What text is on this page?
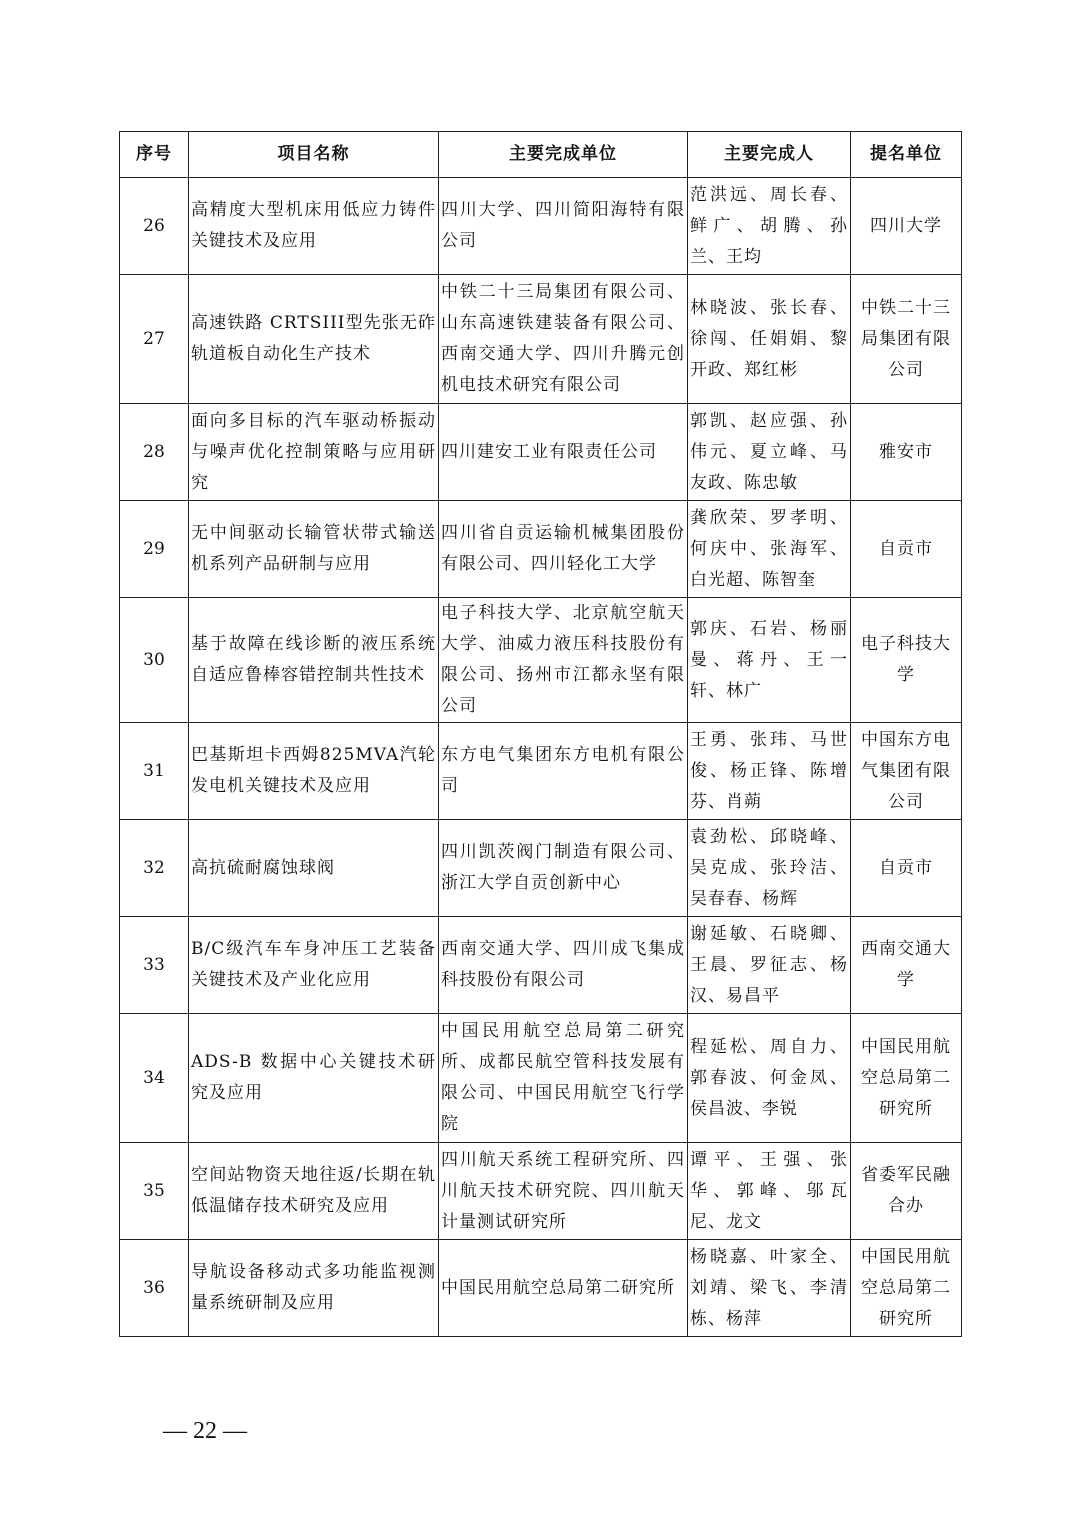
序号	项目名称	主要完成单位	主要完成人	提名单位
26	高精度大型机床用低应力铸件关键技术及应用	四川大学、四川简阳海特有限公司	范洪远、周长春、鲜广、胡腾、孙兰、王均	四川大学
27	高速铁路 CRTSIII型先张无砟轨道板自动化生产技术	中铁二十三局集团有限公司、山东高速铁建装备有限公司、西南交通大学、四川升腾元创机电技术研究有限公司	林晓波、张长春、徐闯、任娟娟、黎开政、郑红彬	中铁二十三局集团有限公司
28	面向多目标的汽车驱动桥振动与噪声优化控制策略与应用研究	四川建安工业有限责任公司	郭凯、赵应强、孙伟元、夏立峰、马友政、陈忠敏	雅安市
29	无中间驱动长输管状带式输送机系列产品研制与应用	四川省自贡运输机械集团股份有限公司、四川轻化工大学	龚欣荣、罗孝明、何庆中、张海军、白光超、陈智奎	自贡市
30	基于故障在线诊断的液压系统自适应鲁棒容错控制共性技术	电子科技大学、北京航空航天大学、油威力液压科技股份有限公司、扬州市江都永坚有限公司	郭庆、石岩、杨丽曼、蒋丹、王一轩、林广	电子科技大学
31	巴基斯坦卡西姆825MVA汽轮发电机关键技术及应用	东方电气集团东方电机有限公司	王勇、张玮、马世俊、杨正锋、陈增芬、肖蒴	中国东方电气集团有限公司
32	高抗硫耐腐蚀球阀	四川凯茨阀门制造有限公司、浙江大学自贡创新中心	袁劲松、邱晓峰、吴克成、张玲洁、吴春春、杨辉	自贡市
33	B/C级汽车车身冲压工艺装备关键技术及产业化应用	西南交通大学、四川成飞集成科技股份有限公司	谢延敏、石晓卿、王晨、罗征志、杨汉、易昌平	西南交通大学
34	ADS-B 数据中心关键技术研究及应用	中国民用航空总局第二研究所、成都民航空管科技发展有限公司、中国民用航空飞行学院	程延松、周自力、郭春波、何金凤、侯昌波、李锐	中国民用航空总局第二研究所
35	空间站物资天地往返/长期在轨低温储存技术研究及应用	四川航天系统工程研究所、四川航天技术研究院、四川航天计量测试研究所	谭平、王强、张华、郭峰、邬瓦尼、龙文	省委军民融合办
36	导航设备移动式多功能监视测量系统研制及应用	中国民用航空总局第二研究所	杨晓嘉、叶家全、刘靖、梁飞、李清栋、杨萍	中国民用航空总局第二研究所
— 22 —
